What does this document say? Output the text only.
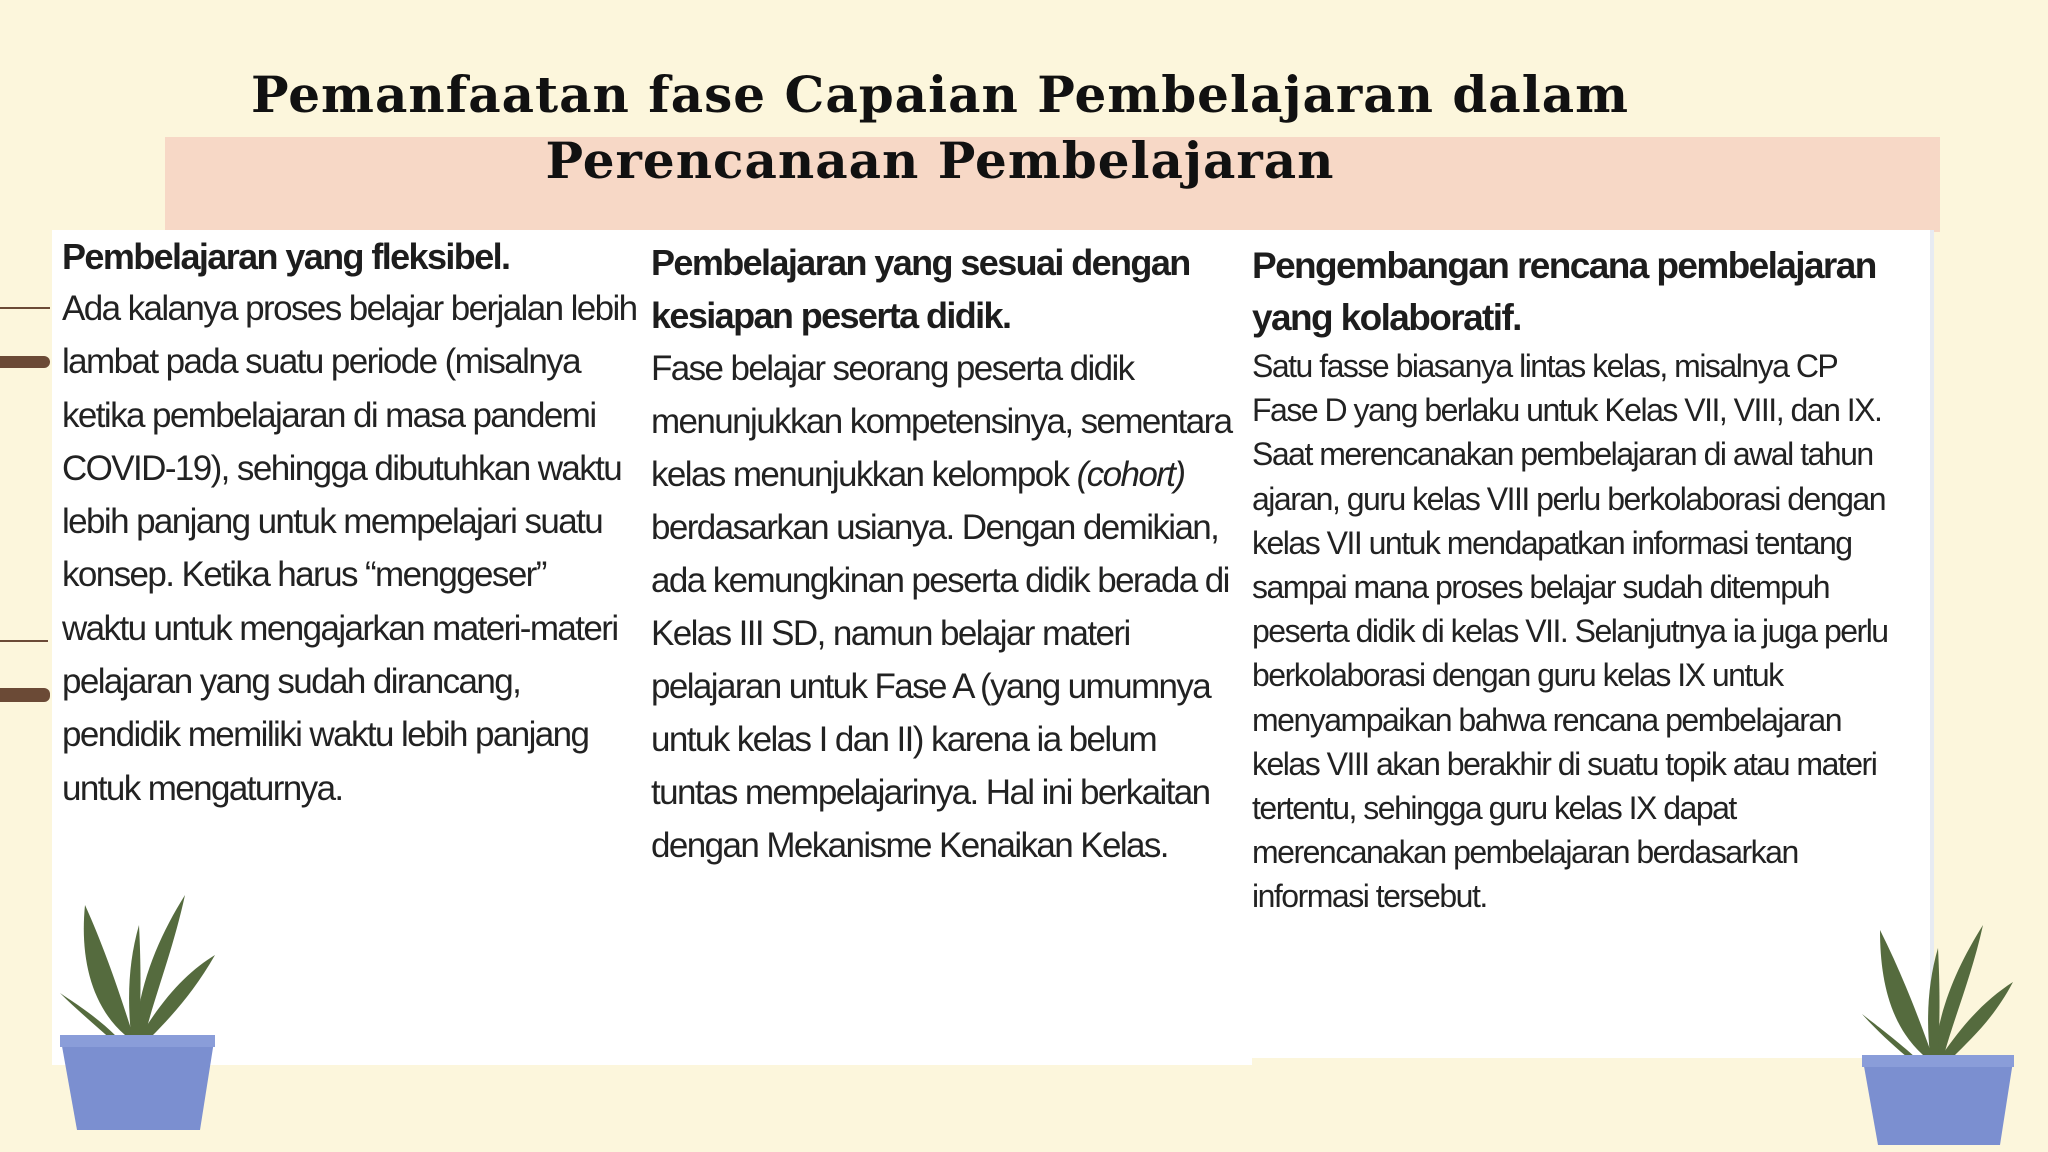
Pemanfaatan fase Capaian Pembelajaran dalam
Perencanaan Pembelajaran
Pembelajaran yang fleksibel.

Ada kalanya proses belajar berjalan lebih lambat pada suatu periode (misalnya ketika pembelajaran di masa pandemi COVID-19), sehingga dibutuhkan waktu lebih panjang untuk mempelajari suatu konsep. Ketika harus “menggeser” waktu untuk mengajarkan materi-materi pelajaran yang sudah dirancang, pendidik memiliki waktu lebih panjang untuk mengaturnya.

Pembelajaran yang sesuai dengan kesiapan peserta didik.

Fase belajar seorang peserta didik menunjukkan kompetensinya, sementara kelas menunjukkan kelompok (cohort) berdasarkan usianya. Dengan demikian, ada kemungkinan peserta didik berada di Kelas III SD, namun belajar materi pelajaran untuk Fase A (yang umumnya untuk kelas I dan II) karena ia belum tuntas mempelajarinya. Hal ini berkaitan dengan Mekanisme Kenaikan Kelas.

Pengembangan rencana pembelajaran yang kolaboratif.

Satu fasse biasanya lintas kelas, misalnya CP Fase D yang berlaku untuk Kelas VII, VIII, dan IX. Saat merencanakan pembelajaran di awal tahun ajaran, guru kelas VIII perlu berkolaborasi dengan kelas VII untuk mendapatkan informasi tentang sampai mana proses belajar sudah ditempuh peserta didik di kelas VII. Selanjutnya ia juga perlu berkolaborasi dengan guru kelas IX untuk menyampaikan bahwa rencana pembelajaran kelas VIII akan berakhir di suatu topik atau materi tertentu, sehingga guru kelas IX dapat merencanakan pembelajaran berdasarkan informasi tersebut.
